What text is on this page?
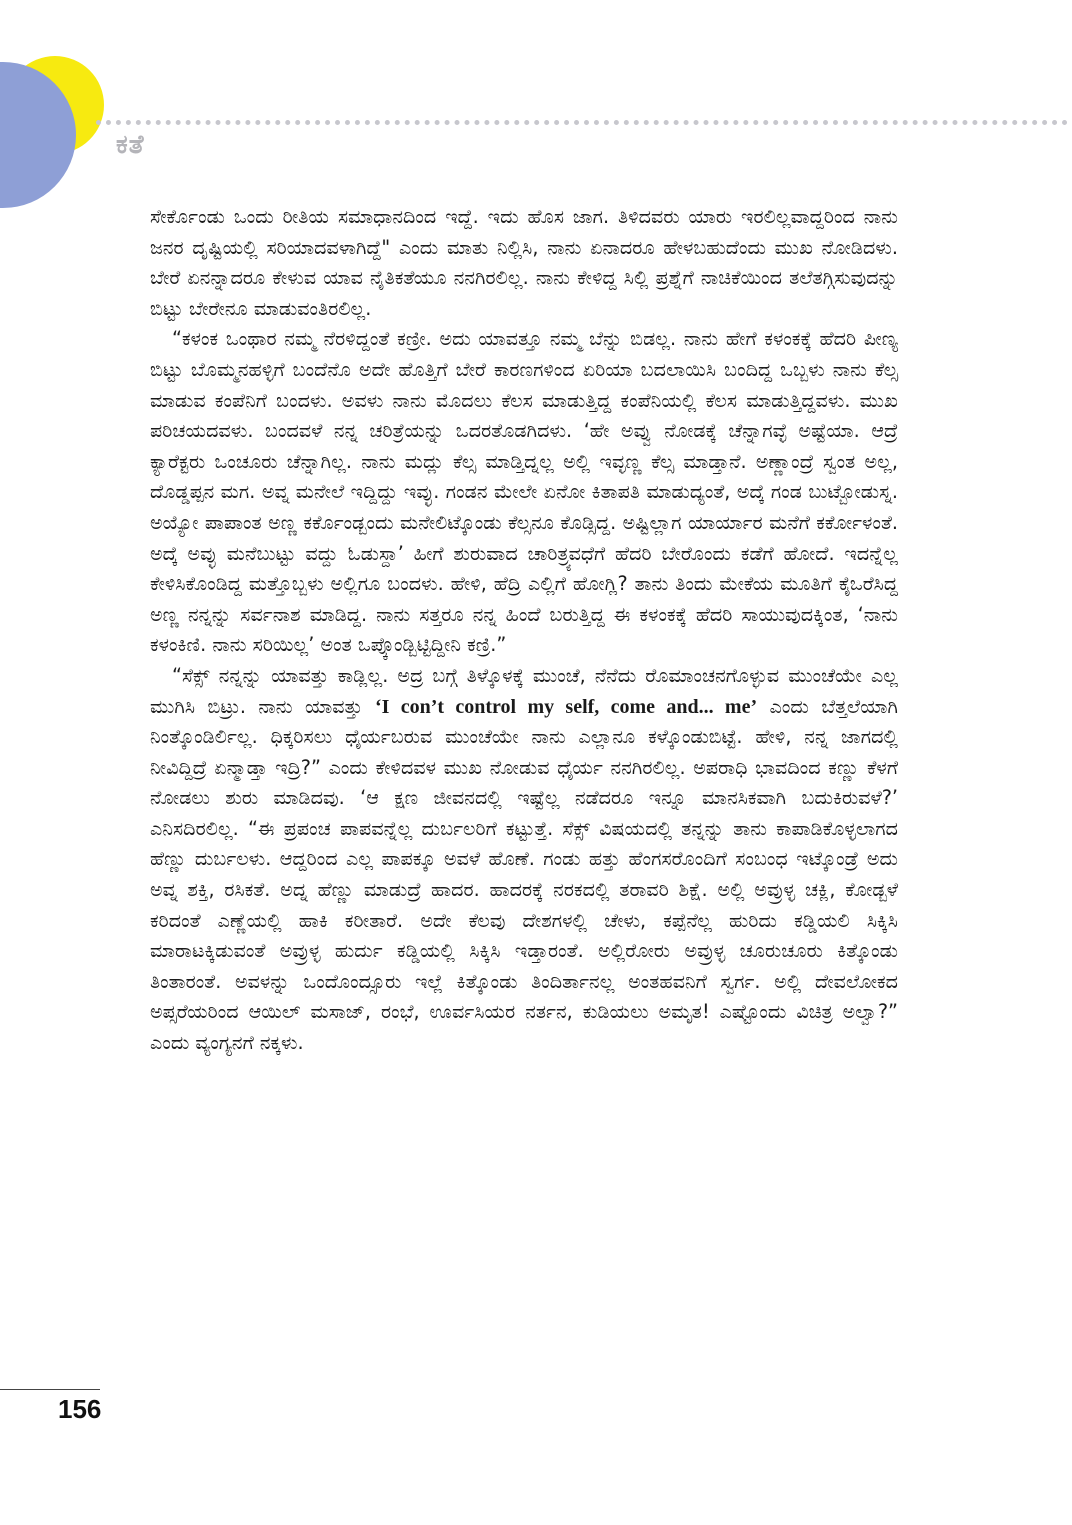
ಕತೆ

ಸೇರ್ಕೊಂಡು ಒಂದು ರೀತಿಯ ಸಮಾಧಾನದಿಂದ ಇದ್ದೆ. ಇದು ಹೊಸ ಜಾಗ. ತಿಳಿದವರು ಯಾರು ಇರಲಿಲ್ಲವಾದ್ದರಿಂದ ನಾನು ಜನರ ದೃಷ್ಟಿಯಲ್ಲಿ ಸರಿಯಾದವಳಾಗಿದ್ದೆ" ಎಂದು ಮಾತು ನಿಲ್ಲಿಸಿ, ನಾನು ಏನಾದರೂ ಹೇಳಬಹುದೆಂದು ಮುಖ ನೋಡಿದಳು. ಬೇರೆ ಏನನ್ನಾದರೂ ಕೇಳುವ ಯಾವ ನೈತಿಕತೆಯೂ ನನಗಿರಲಿಲ್ಲ. ನಾನು ಕೇಳಿದ್ದ ಸಿಲ್ಲಿ ಪ್ರಶ್ನೆಗೆ ನಾಚಿಕೆಯಿಂದ ತಲೆತಗ್ಗಿಸುವುದನ್ನು ಬಿಟ್ಟು ಬೇರೇನೂ ಮಾಡುವಂತಿರಲಿಲ್ಲ.

“ಕಳಂಕ ಒಂಥಾರ ನಮ್ಮ ನೆರಳಿದ್ದಂತೆ ಕಣ್ರೀ. ಅದು ಯಾವತ್ತೂ ನಮ್ಮ ಬೆನ್ನು ಬಿಡಲ್ಲ. ನಾನು ಹೇಗೆ ಕಳಂಕಕ್ಕೆ ಹೆದರಿ ಪೀಣ್ಯ ಬಿಟ್ಟು ಬೊಮ್ಮನಹಳ್ಳಿಗೆ ಬಂದೆನೊ ಅದೇ ಹೊತ್ತಿಗೆ ಬೇರೆ ಕಾರಣಗಳಿಂದ ಏರಿಯಾ ಬದಲಾಯಿಸಿ ಬಂದಿದ್ದ ಒಬ್ಬಳು ನಾನು ಕೆಲ್ಸ ಮಾಡುವ ಕಂಪೆನಿಗೆ ಬಂದಳು. ಅವಳು ನಾನು ಮೊದಲು ಕೆಲಸ ಮಾಡುತ್ತಿದ್ದ ಕಂಪೆನಿಯಲ್ಲಿ ಕೆಲಸ ಮಾಡುತ್ತಿದ್ದವಳು. ಮುಖ ಪರಿಚಯದವಳು. ಬಂದವಳೆ ನನ್ನ ಚರಿತ್ರೆಯನ್ನು ಒದರತೊಡಗಿದಳು. ‘ಹೇ ಅವ್ವು ನೋಡಕ್ಕೆ ಚೆನ್ನಾಗವ್ಳೆ ಅಷ್ಟೆಯಾ. ಆದ್ರೆ ಕ್ಯಾರೆಕ್ಟರು ಒಂಚೂರು ಚೆನ್ನಾಗಿಲ್ಲ. ನಾನು ಮದ್ಲು ಕೆಲ್ಸ ಮಾಡ್ತಿದ್ನಲ್ಲ ಅಲ್ಲಿ ಇವ್ಳಣ್ಣ ಕೆಲ್ಸ ಮಾಡ್ತಾನೆ. ಅಣ್ಣಾಂದ್ರೆ ಸ್ವಂತ ಅಲ್ಲ, ದೊಡ್ಡಪ್ಪನ ಮಗ. ಅವ್ನ ಮನೇಲೆ ಇದ್ದಿದ್ದು ಇವ್ಳು. ಗಂಡನ ಮೇಲೇ ಏನೋ ಕಿತಾಪತಿ ಮಾಡುದ್ಯಂತೆ, ಅದ್ಕೆ ಗಂಡ ಬುಟ್ಬೋಡುಸ್ನ. ಅಯ್ಯೋ ಪಾಪಾಂತ ಅಣ್ಣ ಕರ್ಕೊಂಡ್ಬಂದು ಮನೇಲಿಟ್ಕೊಂಡು ಕೆಲ್ಸನೂ ಕೊಡ್ಸಿದ್ದ. ಅಷ್ಟಿಲ್ಲಾಗ ಯಾರ್ಯಾರ ಮನೆಗೆ ಕರ್ಕೋಳಂತೆ. ಅದ್ಕೆ ಅವ್ಳು ಮನೆಬುಟ್ಟು ವದ್ದು ಓಡುಸ್ದಾ’ ಹೀಗೆ ಶುರುವಾದ ಚಾರಿತ್ರ್ಯವಧೆಗೆ ಹೆದರಿ ಬೇರೊಂದು ಕಡೆಗೆ ಹೋದೆ. ಇದನ್ನೆಲ್ಲ ಕೇಳಿಸಿಕೊಂಡಿದ್ದ ಮತ್ತೊಬ್ಬಳು ಅಲ್ಲಿಗೂ ಬಂದಳು. ಹೇಳಿ, ಹೆದ್ರಿ ಎಲ್ಲಿಗೆ ಹೋಗ್ಲಿ? ತಾನು ತಿಂದು ಮೇಕೆಯ ಮೂತಿಗೆ ಕೈಒರೆಸಿದ್ದ ಅಣ್ಣ ನನ್ನನ್ನು ಸರ್ವನಾಶ ಮಾಡಿದ್ದ. ನಾನು ಸತ್ತರೂ ನನ್ನ ಹಿಂದೆ ಬರುತ್ತಿದ್ದ ಈ ಕಳಂಕಕ್ಕೆ ಹೆದರಿ ಸಾಯುವುದಕ್ಕಿಂತ, ‘ನಾನು ಕಳಂಕಿಣಿ. ನಾನು ಸರಿಯಿಲ್ಲ’ ಅಂತ ಒಪ್ಕೊಂಡ್ಬಿಟ್ಟಿದ್ದೀನಿ ಕಣ್ರಿ.”

“ಸೆಕ್ಸ್ ನನ್ನನ್ನು ಯಾವತ್ತು ಕಾಡ್ಲಿಲ್ಲ. ಅದ್ರ ಬಗ್ಗೆ ತಿಳ್ಕೊಳಕ್ಕೆ ಮುಂಚೆ, ನೆನೆದು ರೊಮಾಂಚನಗೊಳ್ಳುವ ಮುಂಚೆಯೇ ಎಲ್ಲ ಮುಗಿಸಿ ಬಿಟ್ರು. ನಾನು ಯಾವತ್ತು ‘I con’t control my self, come and... me’ ಎಂದು ಬೆತ್ತಲೆಯಾಗಿ ನಿಂತ್ಕೊಂಡಿರ್ಲಿಲ್ಲ. ಧಿಕ್ಕರಿಸಲು ಧೈರ್ಯಬರುವ ಮುಂಚೆಯೇ ನಾನು ಎಲ್ಲಾನೂ ಕಳ್ಕೊಂಡುಬಿಟ್ಟೆ. ಹೇಳಿ, ನನ್ನ ಜಾಗದಲ್ಲಿ ನೀವಿದ್ದಿದ್ರೆ ಏನ್ಮಾಡ್ತಾ ಇದ್ರಿ?” ಎಂದು ಕೇಳಿದವಳ ಮುಖ ನೋಡುವ ಧೈರ್ಯ ನನಗಿರಲಿಲ್ಲ. ಅಪರಾಧಿ ಭಾವದಿಂದ ಕಣ್ಣು ಕೆಳಗೆ ನೋಡಲು ಶುರು ಮಾಡಿದವು. ‘ಆ ಕ್ಷಣ ಜೀವನದಲ್ಲಿ ಇಷ್ಟೆಲ್ಲ ನಡೆದರೂ ಇನ್ನೂ ಮಾನಸಿಕವಾಗಿ ಬದುಕಿರುವಳೆ?’ ಎನಿಸದಿರಲಿಲ್ಲ. “ಈ ಪ್ರಪಂಚ ಪಾಪವನ್ನೆಲ್ಲ ದುರ್ಬಲರಿಗೆ ಕಟ್ಟುತ್ತೆ. ಸೆಕ್ಸ್ ವಿಷಯದಲ್ಲಿ ತನ್ನನ್ನು ತಾನು ಕಾಪಾಡಿಕೊಳ್ಳಲಾಗದ ಹೆಣ್ಣು ದುರ್ಬಲಳು. ಆದ್ದರಿಂದ ಎಲ್ಲ ಪಾಪಕ್ಕೂ ಅವಳೆ ಹೊಣೆ. ಗಂಡು ಹತ್ತು ಹೆಂಗಸರೊಂದಿಗೆ ಸಂಬಂಧ ಇಟ್ಕೊಂಡ್ರೆ ಅದು ಅವ್ನ ಶಕ್ತಿ, ರಸಿಕತೆ. ಅದ್ನ ಹೆಣ್ಣು ಮಾಡುದ್ರೆ ಹಾದರ. ಹಾದರಕ್ಕೆ ನರಕದಲ್ಲಿ ತರಾವರಿ ಶಿಕ್ಷೆ. ಅಲ್ಲಿ ಅವ್ರುಳ್ಳ ಚಕ್ಲಿ, ಕೋಡ್ಬಳೆ ಕರಿದಂತೆ ಎಣ್ಣೆಯಲ್ಲಿ ಹಾಕಿ ಕರೀತಾರೆ. ಅದೇ ಕೆಲವು ದೇಶಗಳಲ್ಲಿ ಚೇಳು, ಕಪ್ಪೆನೆಲ್ಲ ಹುರಿದು ಕಡ್ಡಿಯಲಿ ಸಿಕ್ಕಿಸಿ ಮಾರಾಟಕ್ಕಿಡುವಂತೆ ಅವ್ರುಳ್ಳ ಹುರ್ದು ಕಡ್ಡಿಯಲ್ಲಿ ಸಿಕ್ಕಿಸಿ ಇಡ್ತಾರಂತೆ. ಅಲ್ಲಿರೋರು ಅವ್ರುಳ್ಳ ಚೂರುಚೂರು ಕಿತ್ಕೊಂಡು ತಿಂತಾರಂತೆ. ಅವಳನ್ನು ಒಂದೊಂದ್ಸೂರು ಇಲ್ಲೆ ಕಿತ್ಕೊಂಡು ತಿಂದಿರ್ತಾನಲ್ಲ ಅಂತಹವನಿಗೆ ಸ್ವರ್ಗ. ಅಲ್ಲಿ ದೇವಲೋಕದ ಅಪ್ಸರೆಯರಿಂದ ಆಯಿಲ್ ಮಸಾಜ್, ರಂಭೆ, ಊರ್ವಸಿಯರ ನರ್ತನ, ಕುಡಿಯಲು ಅಮೃತ! ಎಷ್ಟೊಂದು ವಿಚಿತ್ರ ಅಲ್ವಾ?” ಎಂದು ವ್ಯಂಗ್ಯನಗೆ ನಕ್ಕಳು.

156
